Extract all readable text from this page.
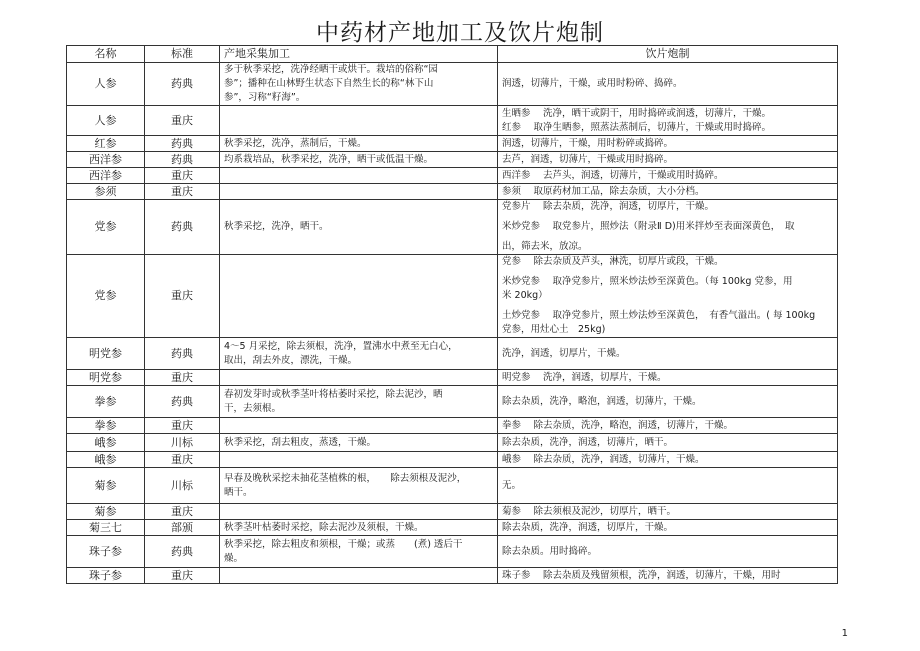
中药材产地加工及饮片炮制
名称	标准	产地采集加工	饮片炮制
人参	药典	多于秋季采挖，洗净经晒干或烘干。栽培的俗称“园
参”；播种在山林野生状态下自然生长的称“林下山
参”，习称“籽海”。	润透，切薄片，干燥，或用时粉碎、捣碎。

人参	重庆		生晒参　 洗净，晒干或阴干，用时捣碎或润透，切薄片，干燥。
红参　 取净生晒参，照蒸法蒸制后，切薄片，干燥或用时捣碎。

红参	药典	秋季采挖，洗净，蒸制后，干燥。	润透，切薄片，干燥，用时粉碎或捣碎。

西洋参	药典	均系栽培品，秋季采挖，洗净，晒干或低温干燥。	去芦，润透，切薄片，干燥或用时捣碎。

西洋参	重庆		西洋参　 去芦头，润透，切薄片，干燥或用时捣碎。

参须	重庆		参须　 取原药材加工品，除去杂质，大小分档。

党参	药典	秋季采挖，洗净，晒干。	党参片　 除去杂质，洗净，润透，切厚片，干燥。
米炒党参　 取党参片，照炒法（附录Ⅱ D)用米拌炒至表面深黄色，　取
出，筛去米，放凉。

党参	重庆		党参　 除去杂质及芦头，淋洗，切厚片或段，干燥。
米炒党参　 取净党参片，照米炒法炒至深黄色。（每 100kg 党参，用
米 20kg）
土炒党参　 取净党参片，照土炒法炒至深黄色，　有香气溢出。( 每 100kg
党参，用灶心土　25kg)

明党参	药典	4～5 月采挖，除去须根，洗净，置沸水中煮至无白心，
取出，刮去外皮，漂洗，干燥。	洗净，润透，切厚片，干燥。

明党参	重庆		明党参　 洗净，润透，切厚片，干燥。

拳参	药典	春初发芽时或秋季茎叶将枯萎时采挖，除去泥沙，晒
干，去须根。	除去杂质，洗净，略泡，润透，切薄片，干燥。

拳参	重庆		拳参　 除去杂质，洗净，略泡，润透，切薄片，干燥。

峨参	川标	秋季采挖，刮去粗皮，蒸透，干燥。	除去杂质，洗净，润透，切薄片，晒干。

峨参	重庆		峨参　 除去杂质，洗净，润透，切薄片，干燥。

菊参	川标	早春及晚秋采挖未抽花茎植株的根，　　除去须根及泥沙，
晒干。	无。

菊参	重庆		菊参　 除去须根及泥沙，切厚片，晒干。

菊三七	部颁	秋季茎叶枯萎时采挖，除去泥沙及须根，干燥。	除去杂质，洗净，润透，切厚片，干燥。

珠子参	药典	秋季采挖，除去粗皮和须根，干燥；或蒸　　(煮) 透后干
燥。	除去杂质。用时捣碎。

珠子参	重庆		珠子参　 除去杂质及残留须根，洗净，润透，切薄片，干燥，用时
1
